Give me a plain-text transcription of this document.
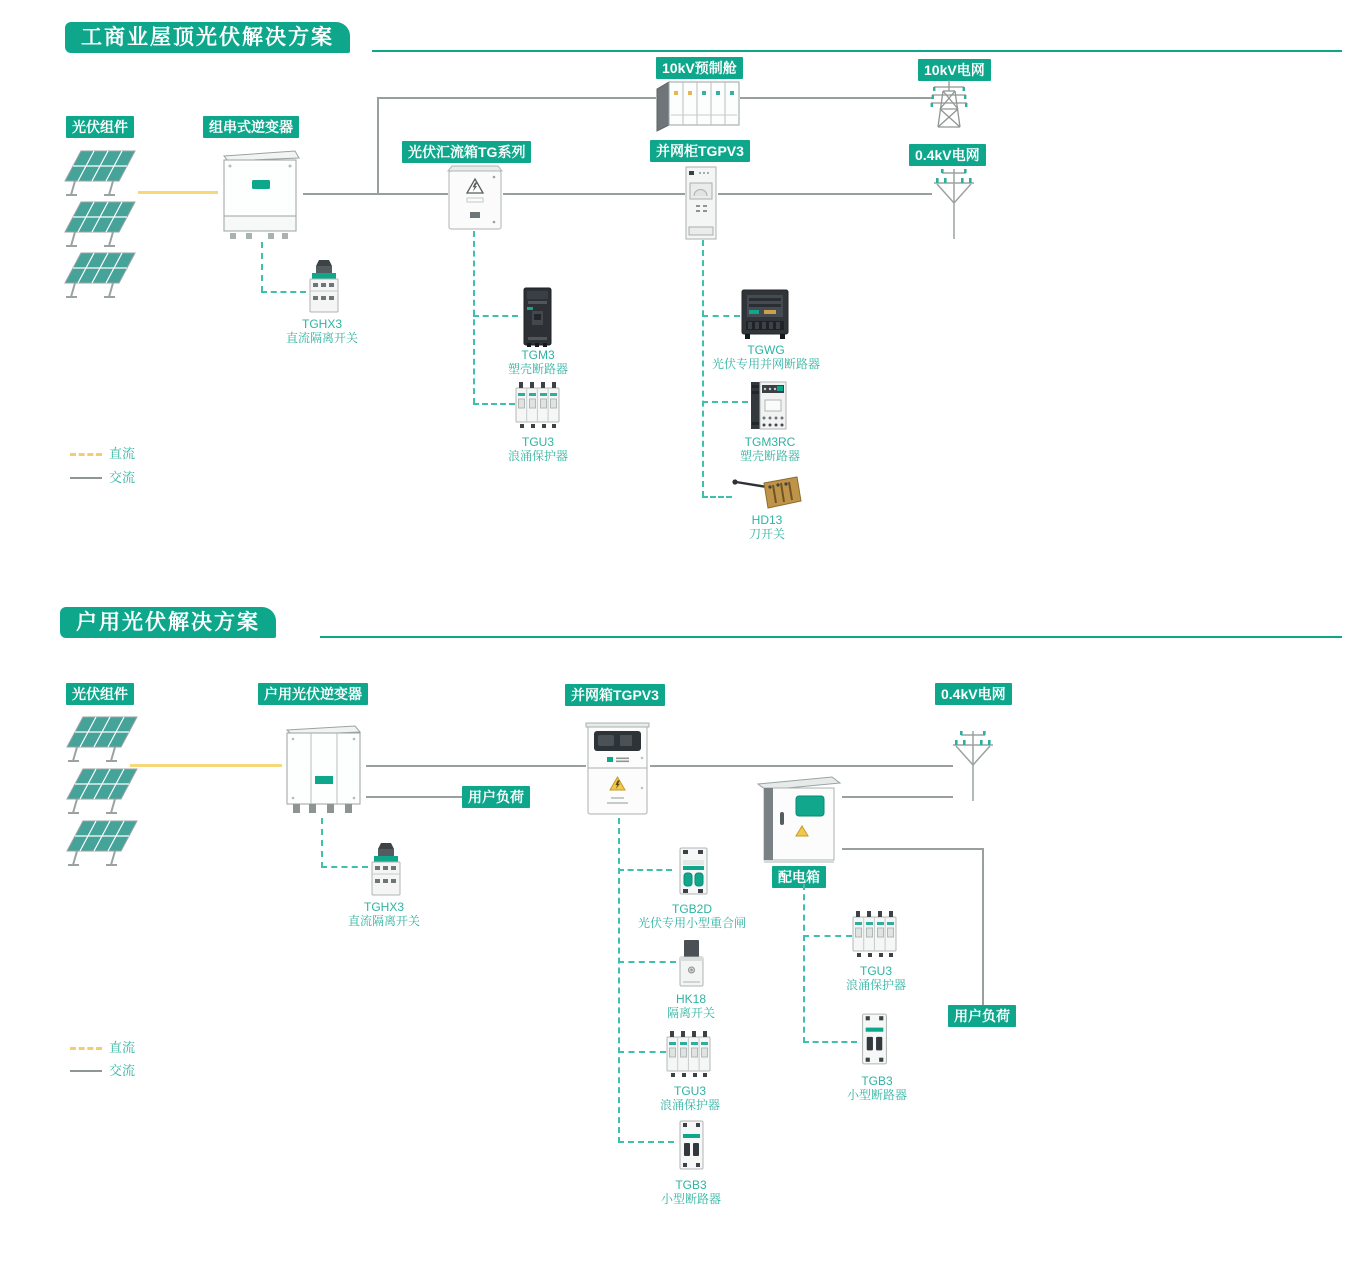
工商业屋顶光伏解决方案
光伏组件	组串式逆变器
光伏汇流箱TG系列	并网柜TGPV3
10kV预制舱	10kV电网
0.4kV电网
TGHX3
直流隔离开关
TGM3
塑壳断路器
TGU3
浪涌保护器
TGWG
光伏专用并网断路器
TGM3RC
塑壳断路器
HD13
刀开关
直流
交流
户用光伏解决方案
光伏组件	户用光伏逆变器	并网箱TGPV3	0.4kV电网
用户负荷
配电箱
用户负荷
TGHX3
直流隔离开关
TGB2D
光伏专用小型重合闸
HK18
隔离开关
TGU3
浪涌保护器
TGB3
小型断路器
TGU3
浪涌保护器
TGB3
小型断路器
直流
交流
